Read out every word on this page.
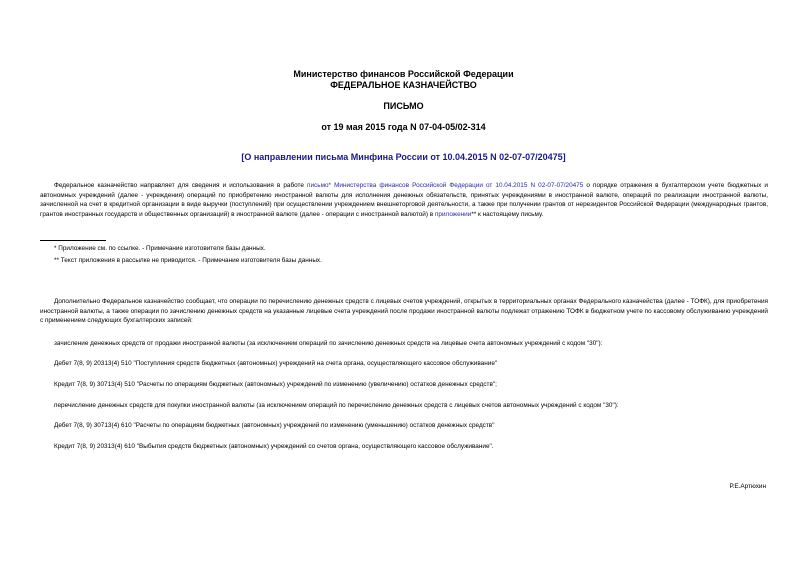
Министерство финансов Российской Федерации
ФЕДЕРАЛЬНОЕ КАЗНАЧЕЙСТВО
ПИСЬМО
от 19 мая 2015 года N 07-04-05/02-314
[О направлении письма Минфина России от 10.04.2015 N 02-07-07/20475]
Федеральное казначейство направляет для сведения и использования в работе письмо* Министерства финансов Российской Федерации от 10.04.2015 N 02-07-07/20475 о порядке отражения в бухгалтерском учете бюджетных и автономных учреждений (далее - учреждения) операций по приобретению иностранной валюты для исполнения денежных обязательств, принятых учреждениями в иностранной валюте, операций по реализации иностранной валюты, зачисленной на счет в кредитной организации в виде выручки (поступлений) при осуществлении учреждением внешнеторговой деятельности, а также при получении грантов от нерезидентов Российской Федерации (международных грантов, грантов иностранных государств и общественных организаций) в иностранной валюте (далее - операции с иностранной валютой) в приложении** к настоящему письму.
* Приложение см. по ссылке. - Примечание изготовителя базы данных.
** Текст приложения в рассылке не приводится. - Примечание изготовителя базы данных.
Дополнительно Федеральное казначейство сообщает, что операции по перечислению денежных средств с лицевых счетов учреждений, открытых в территориальных органах Федерального казначейства (далее - ТОФК), для приобретения иностранной валюты, а также операции по зачислению денежных средств на указанные лицевые счета учреждений после продажи иностранной валюты подлежат отражению ТОФК в бюджетном учете по кассовому обслуживанию учреждений с применением следующих бухгалтерских записей:
зачисление денежных средств от продажи иностранной валюты (за исключением операций по зачислению денежных средств на лицевые счета автономных учреждений с кодом "30"):
Дебет 7(8, 9) 20313(4) 510 "Поступления средств бюджетных (автономных) учреждений на счета органа, осуществляющего кассовое обслуживание"
Кредит 7(8, 9) 30713(4) 510 "Расчеты по операциям бюджетных (автономных) учреждений по изменению (увеличению) остатков денежных средств";
перечисление денежных средств для покупки иностранной валюты (за исключением операций по перечислению денежных средств с лицевых счетов автономных учреждений с кодом "30"):
Дебет 7(8, 9) 30713(4) 610 "Расчеты по операциям бюджетных (автономных) учреждений по изменению (уменьшению) остатков денежных средств"
Кредит 7(8, 9) 20313(4) 610 "Выбытия средств бюджетных (автономных) учреждений со счетов органа, осуществляющего кассовое обслуживание".
Р.Е.Артюхин
